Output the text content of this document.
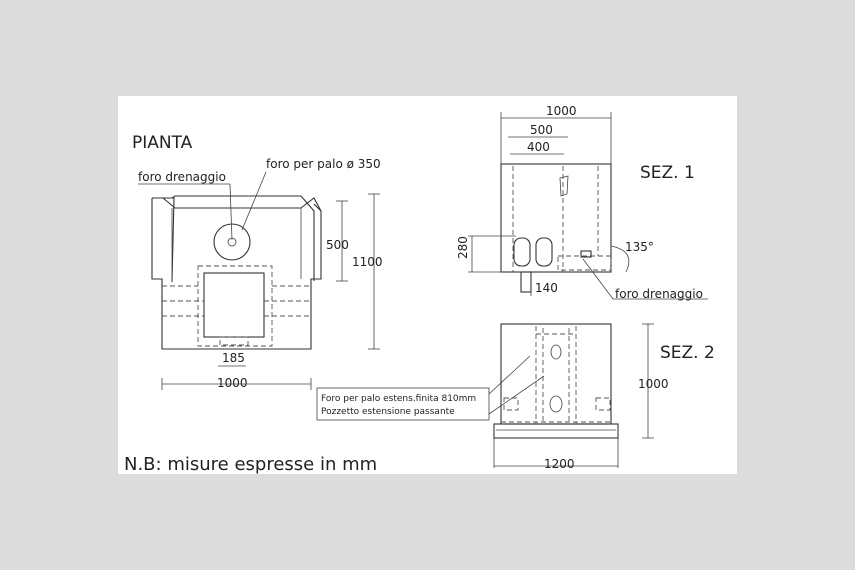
PIANTA
foro drenaggio
foro per palo ø 350
500
1100
185
1000
SEZ. 1
1000
500
400
280
140
135°
foro drenaggio
SEZ. 2
Foro per palo estens.finita 810mm
Pozzetto estensione passante
1000
1200
N.B: misure espresse in mm
